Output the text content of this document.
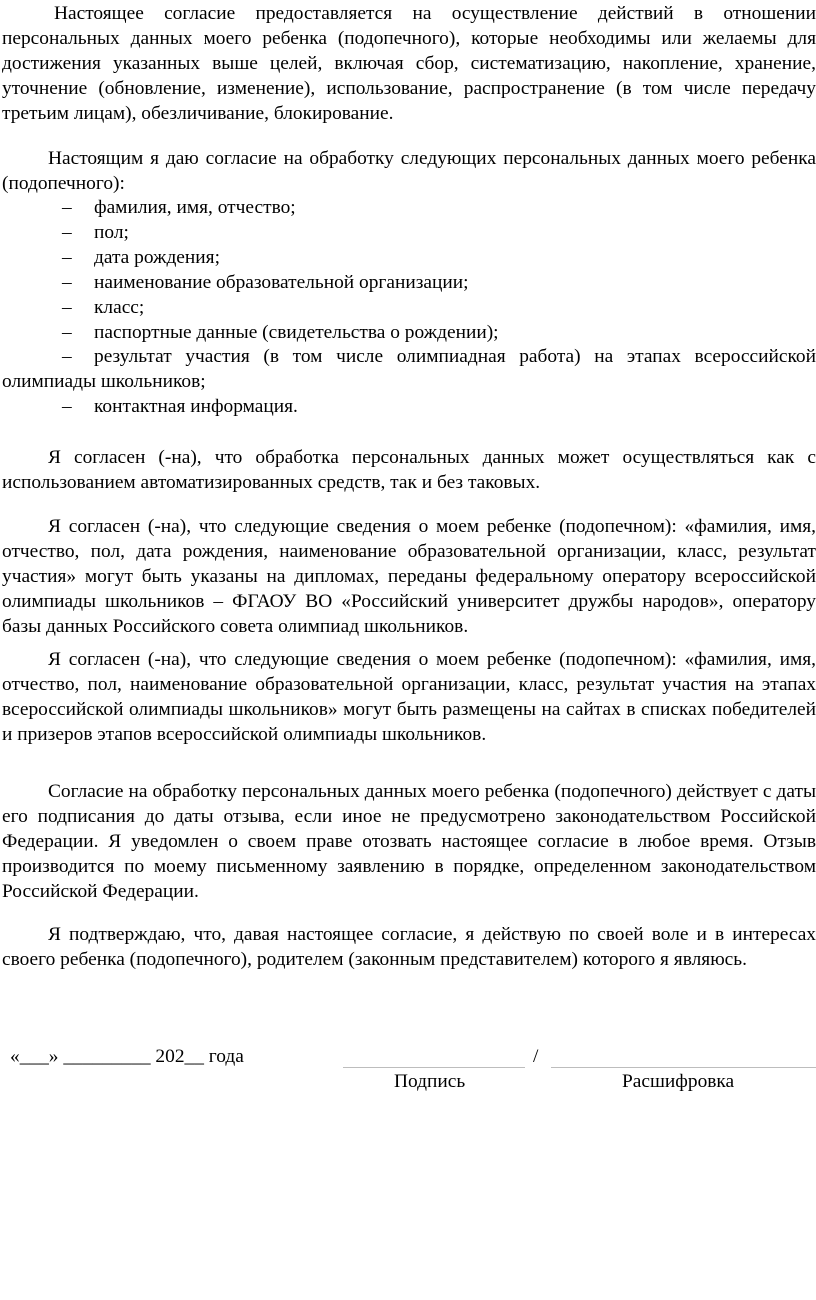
Настоящее согласие предоставляется на осуществление действий в отношении персональных данных моего ребенка (подопечного), которые необходимы или желаемы для достижения указанных выше целей, включая сбор, систематизацию, накопление, хранение, уточнение (обновление, изменение), использование, распространение (в том числе передачу третьим лицам), обезличивание, блокирование.

Настоящим я даю согласие на обработку следующих персональных данных моего ребенка (подопечного):

– фамилия, имя, отчество;
– пол;
– дата рождения;
– наименование образовательной организации;
– класс;
– паспортные данные (свидетельства о рождении);
– результат участия (в том числе олимпиадная работа) на этапах всероссийской олимпиады школьников;
– контактная информация.

Я согласен (-на), что обработка персональных данных может осуществляться как с использованием автоматизированных средств, так и без таковых.

Я согласен (-на), что следующие сведения о моем ребенке (подопечном): «фамилия, имя, отчество, пол, дата рождения, наименование образовательной организации, класс, результат участия» могут быть указаны на дипломах, переданы федеральному оператору всероссийской олимпиады школьников – ФГАОУ ВО «Российский университет дружбы народов», оператору базы данных Российского совета олимпиад школьников.

Я согласен (-на), что следующие сведения о моем ребенке (подопечном): «фамилия, имя, отчество, пол, наименование образовательной организации, класс, результат участия на этапах всероссийской олимпиады школьников» могут быть размещены на сайтах в списках победителей и призеров этапов всероссийской олимпиады школьников.

Согласие на обработку персональных данных моего ребенка (подопечного) действует с даты его подписания до даты отзыва, если иное не предусмотрено законодательством Российской Федерации. Я уведомлен о своем праве отозвать настоящее согласие в любое время. Отзыв производится по моему письменному заявлению в порядке, определенном законодательством Российской Федерации.

Я подтверждаю, что, давая настоящее согласие, я действую по своей воле и в интересах своего ребенка (подопечного), родителем (законным представителем) которого я являюсь.

«___» _________ 202__ года	/
Подпись	Расшифровка
